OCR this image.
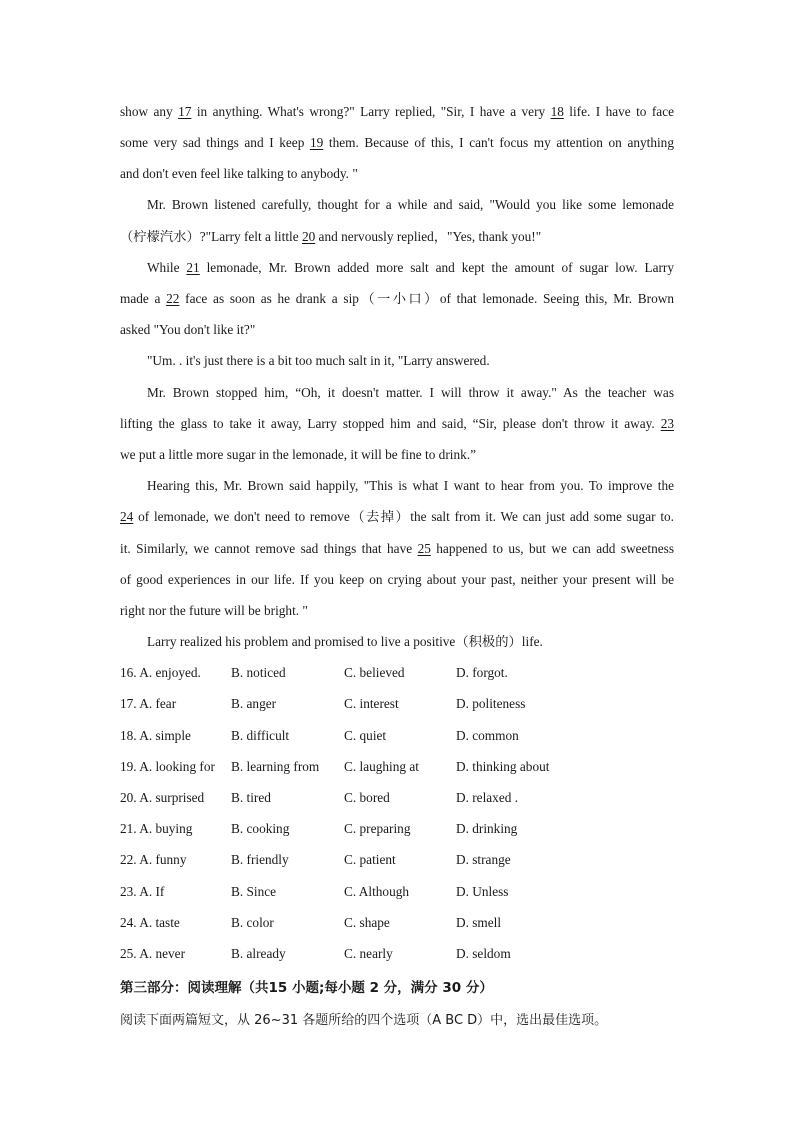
show any 17 in anything. What's wrong?" Larry replied, "Sir, I have a very 18 life. I have to face
some very sad things and I keep 19 them. Because of this, I can't focus my attention on anything
and don't even feel like talking to anybody. "
Mr. Brown listened carefully, thought for a while and said, "Would you like some lemonade
（柠檬汽水）?"Larry felt a little 20 and nervously replied，"Yes, thank you!"
While 21 lemonade, Mr. Brown added more salt and kept the amount of sugar low. Larry
made a 22 face as soon as he drank a sip（一小口）of that lemonade. Seeing this, Mr. Brown
asked "You don't like it?"
"Um. . it's just there is a bit too much salt in it, "Larry answered.
Mr. Brown stopped him, “Oh, it doesn't matter. I will throw it away." As the teacher was
lifting the glass to take it away, Larry stopped him and said, “Sir, please don't throw it away. 23
we put a little more sugar in the lemonade, it will be fine to drink.”
Hearing this, Mr. Brown said happily, "This is what I want to hear from you. To improve the
24 of lemonade, we don't need to remove（去掉）the salt from it. We can just add some sugar to.
it. Similarly, we cannot remove sad things that have 25 happened to us, but we can add sweetness
of good experiences in our life. If you keep on crying about your past, neither your present will be
right nor the future will be bright. "
Larry realized his problem and promised to live a positive（积极的）life.
16. A. enjoyed. B. noticed	C. believed	D. forgot.
17. A. fear	B. anger	C. interest	D. politeness
18. A. simple	B. difficult	C. quiet	D. common
19. A. looking for B. learning from C. laughing at	D. thinking about
20. A. surprised B. tired	C. bored	D. relaxed .
21. A. buying	B. cooking	C. preparing	D. drinking
22. A. funny	B. friendly	C. patient	D. strange
23. A. If	B. Since	C. Although	D. Unless
24. A. taste	B. color	C. shape	D. smell
25. A. never	B. already	C. nearly	D. seldom
第三部分：阅读理解（共15 小题;每小题 2 分，满分 30 分）
阅读下面两篇短文，从 26~31 各题所给的四个选项（A BC D）中，选出最佳选项。
